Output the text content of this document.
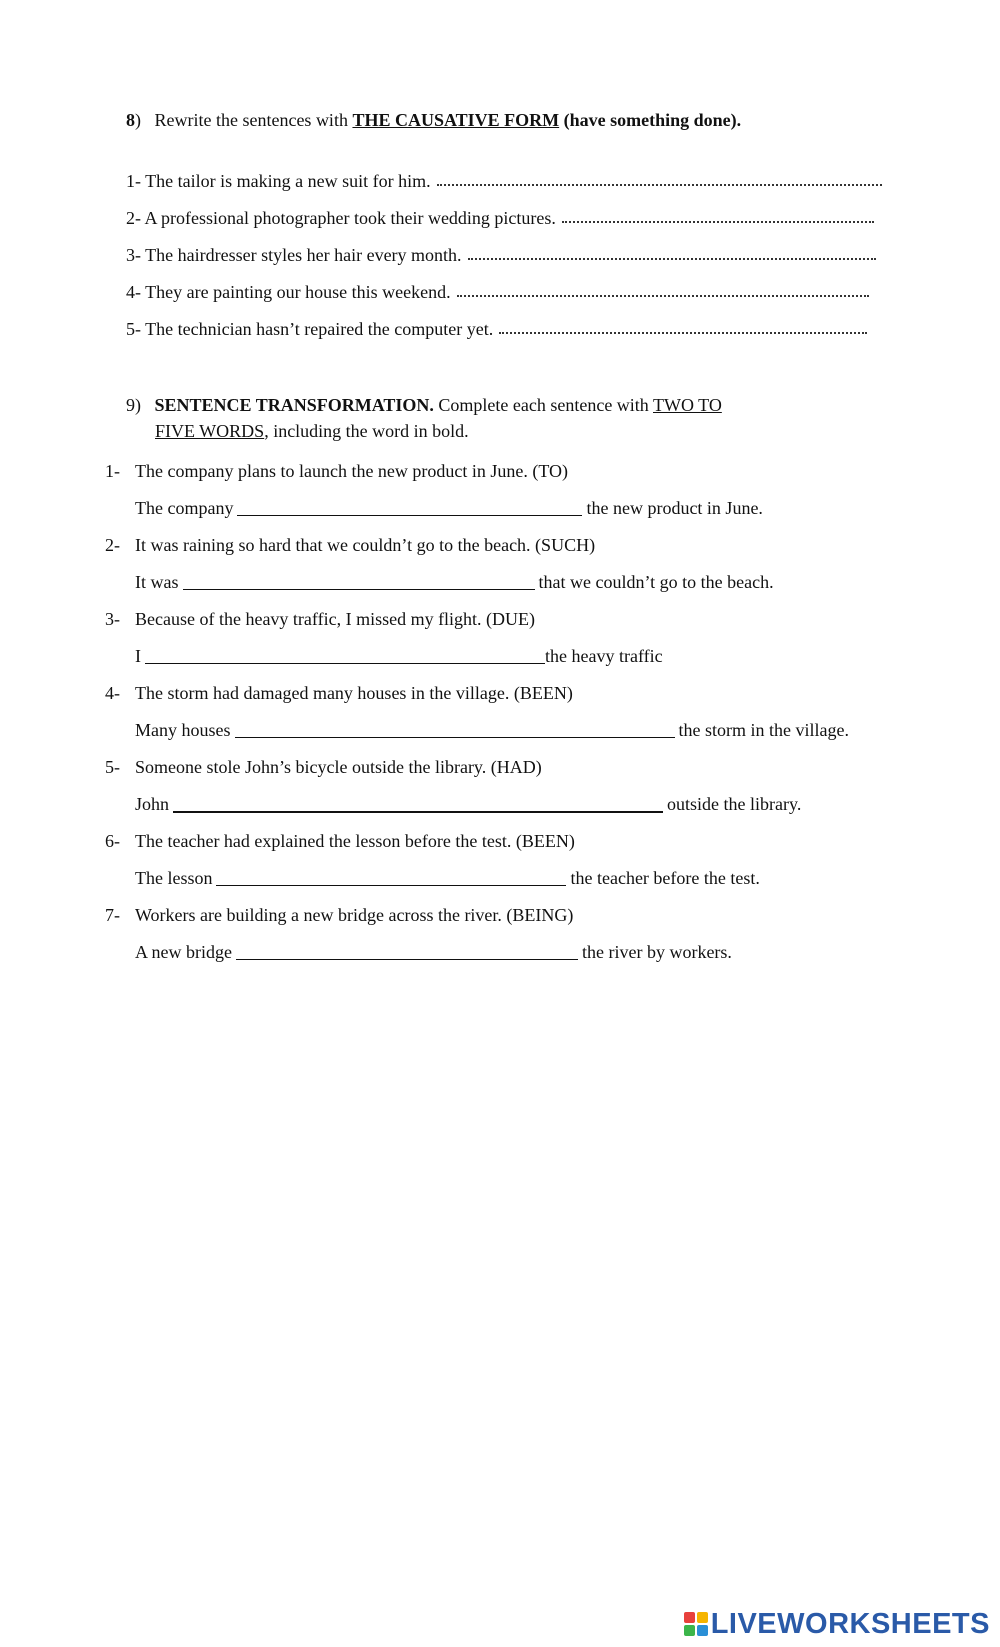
8) Rewrite the sentences with THE CAUSATIVE FORM (have something done).
1- The tailor is making a new suit for him.
2- A professional photographer took their wedding pictures.
3- The hairdresser styles her hair every month.
4- They are painting our house this weekend.
5- The technician hasn’t repaired the computer yet.
9) SENTENCE TRANSFORMATION. Complete each sentence with TWO TO
FIVE WORDS, including the word in bold.
1- The company plans to launch the new product in June. (TO)
The company	the new product in June.
2- It was raining so hard that we couldn’t go to the beach. (SUCH)
It was	that we couldn’t go to the beach.
3- Because of the heavy traffic, I missed my flight. (DUE)
I	the heavy traffic
4- The storm had damaged many houses in the village. (BEEN)
Many houses	the storm in the village.
5- Someone stole John’s bicycle outside the library. (HAD)
John	outside the library.
6- The teacher had explained the lesson before the test. (BEEN)
The lesson	the teacher before the test.
7- Workers are building a new bridge across the river. (BEING)
A new bridge	the river by workers.
LIVEWORKSHEETS
